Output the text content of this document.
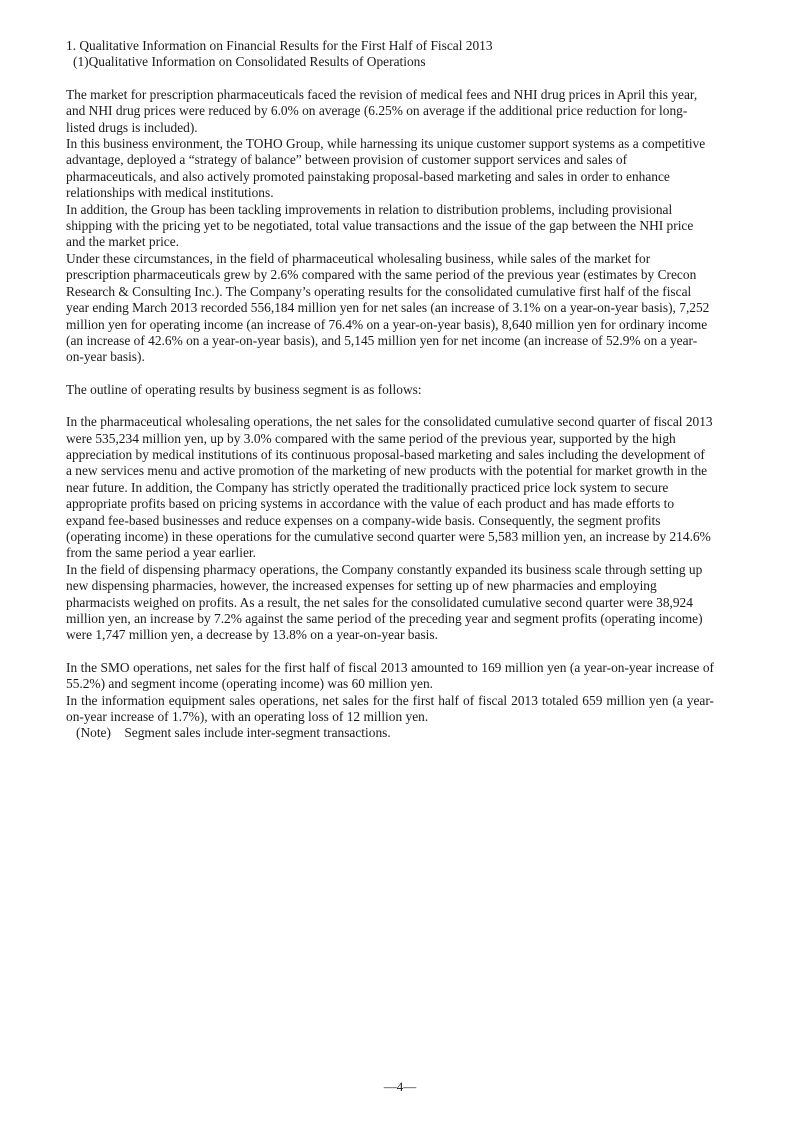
1. Qualitative Information on Financial Results for the First Half of Fiscal 2013

(1)Qualitative Information on Consolidated Results of Operations

The market for prescription pharmaceuticals faced the revision of medical fees and NHI drug prices in April this year, and NHI drug prices were reduced by 6.0% on average (6.25% on average if the additional price reduction for long-listed drugs is included).

In this business environment, the TOHO Group, while harnessing its unique customer support systems as a competitive advantage, deployed a “strategy of balance” between provision of customer support services and sales of pharmaceuticals, and also actively promoted painstaking proposal-based marketing and sales in order to enhance relationships with medical institutions.

In addition, the Group has been tackling improvements in relation to distribution problems, including provisional shipping with the pricing yet to be negotiated, total value transactions and the issue of the gap between the NHI price and the market price.

Under these circumstances, in the field of pharmaceutical wholesaling business, while sales of the market for prescription pharmaceuticals grew by 2.6% compared with the same period of the previous year (estimates by Crecon Research & Consulting Inc.). The Company’s operating results for the consolidated cumulative first half of the fiscal year ending March 2013 recorded 556,184 million yen for net sales (an increase of 3.1% on a year-on-year basis), 7,252 million yen for operating income (an increase of 76.4% on a year-on-year basis), 8,640 million yen for ordinary income (an increase of 42.6% on a year-on-year basis), and 5,145 million yen for net income (an increase of 52.9% on a year-on-year basis).

The outline of operating results by business segment is as follows:

In the pharmaceutical wholesaling operations, the net sales for the consolidated cumulative second quarter of fiscal 2013 were 535,234 million yen, up by 3.0% compared with the same period of the previous year, supported by the high appreciation by medical institutions of its continuous proposal-based marketing and sales including the development of a new services menu and active promotion of the marketing of new products with the potential for market growth in the near future. In addition, the Company has strictly operated the traditionally practiced price lock system to secure appropriate profits based on pricing systems in accordance with the value of each product and has made efforts to expand fee-based businesses and reduce expenses on a company-wide basis. Consequently, the segment profits (operating income) in these operations for the cumulative second quarter were 5,583 million yen, an increase by 214.6% from the same period a year earlier.

In the field of dispensing pharmacy operations, the Company constantly expanded its business scale through setting up new dispensing pharmacies, however, the increased expenses for setting up of new pharmacies and employing pharmacists weighed on profits. As a result, the net sales for the consolidated cumulative second quarter were 38,924 million yen, an increase by 7.2% against the same period of the preceding year and segment profits (operating income) were 1,747 million yen, a decrease by 13.8% on a year-on-year basis.

In the SMO operations, net sales for the first half of fiscal 2013 amounted to 169 million yen (a year-on-year increase of 55.2%) and segment income (operating income) was 60 million yen.

In the information equipment sales operations, net sales for the first half of fiscal 2013 totaled 659 million yen (a year-on-year increase of 1.7%), with an operating loss of 12 million yen.

(Note)    Segment sales include inter-segment transactions.

—4—
